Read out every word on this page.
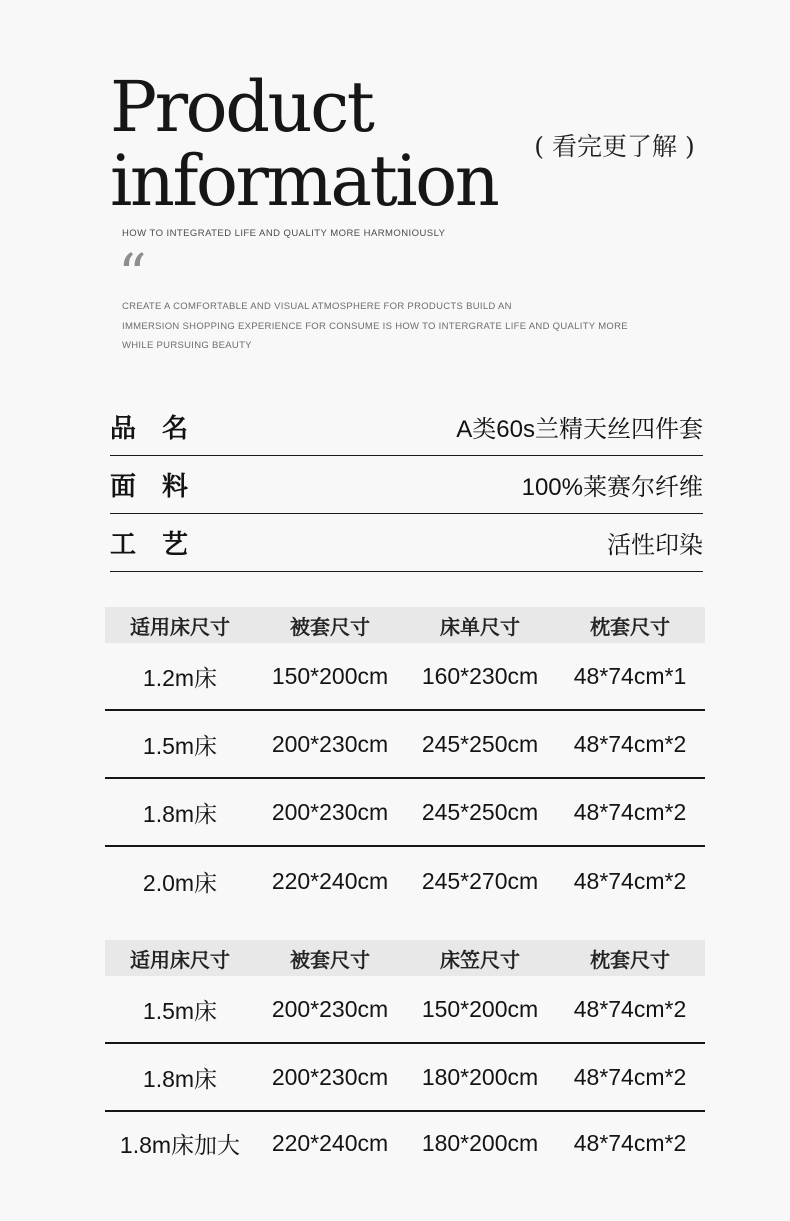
Product
information	( 看完更了解 )
HOW TO INTEGRATED LIFE AND QUALITY MORE HARMONIOUSLY
“
CREATE A COMFORTABLE AND VISUAL ATMOSPHERE FOR PRODUCTS BUILD AN
IMMERSION SHOPPING EXPERIENCE FOR CONSUME IS HOW TO INTERGRATE LIFE AND QUALITY MORE
WHILE PURSUING BEAUTY
品　名	A类60s兰精天丝四件套
面　料	100%莱赛尔纤维
工　艺	活性印染
适用床尺寸	被套尺寸	床单尺寸	枕套尺寸
1.2m床	150*200cm	160*230cm	48*74cm*1
1.5m床	200*230cm	245*250cm	48*74cm*2
1.8m床	200*230cm	245*250cm	48*74cm*2
2.0m床	220*240cm	245*270cm	48*74cm*2
适用床尺寸	被套尺寸	床笠尺寸	枕套尺寸
1.5m床	200*230cm	150*200cm	48*74cm*2
1.8m床	200*230cm	180*200cm	48*74cm*2
1.8m床加大	220*240cm	180*200cm	48*74cm*2
